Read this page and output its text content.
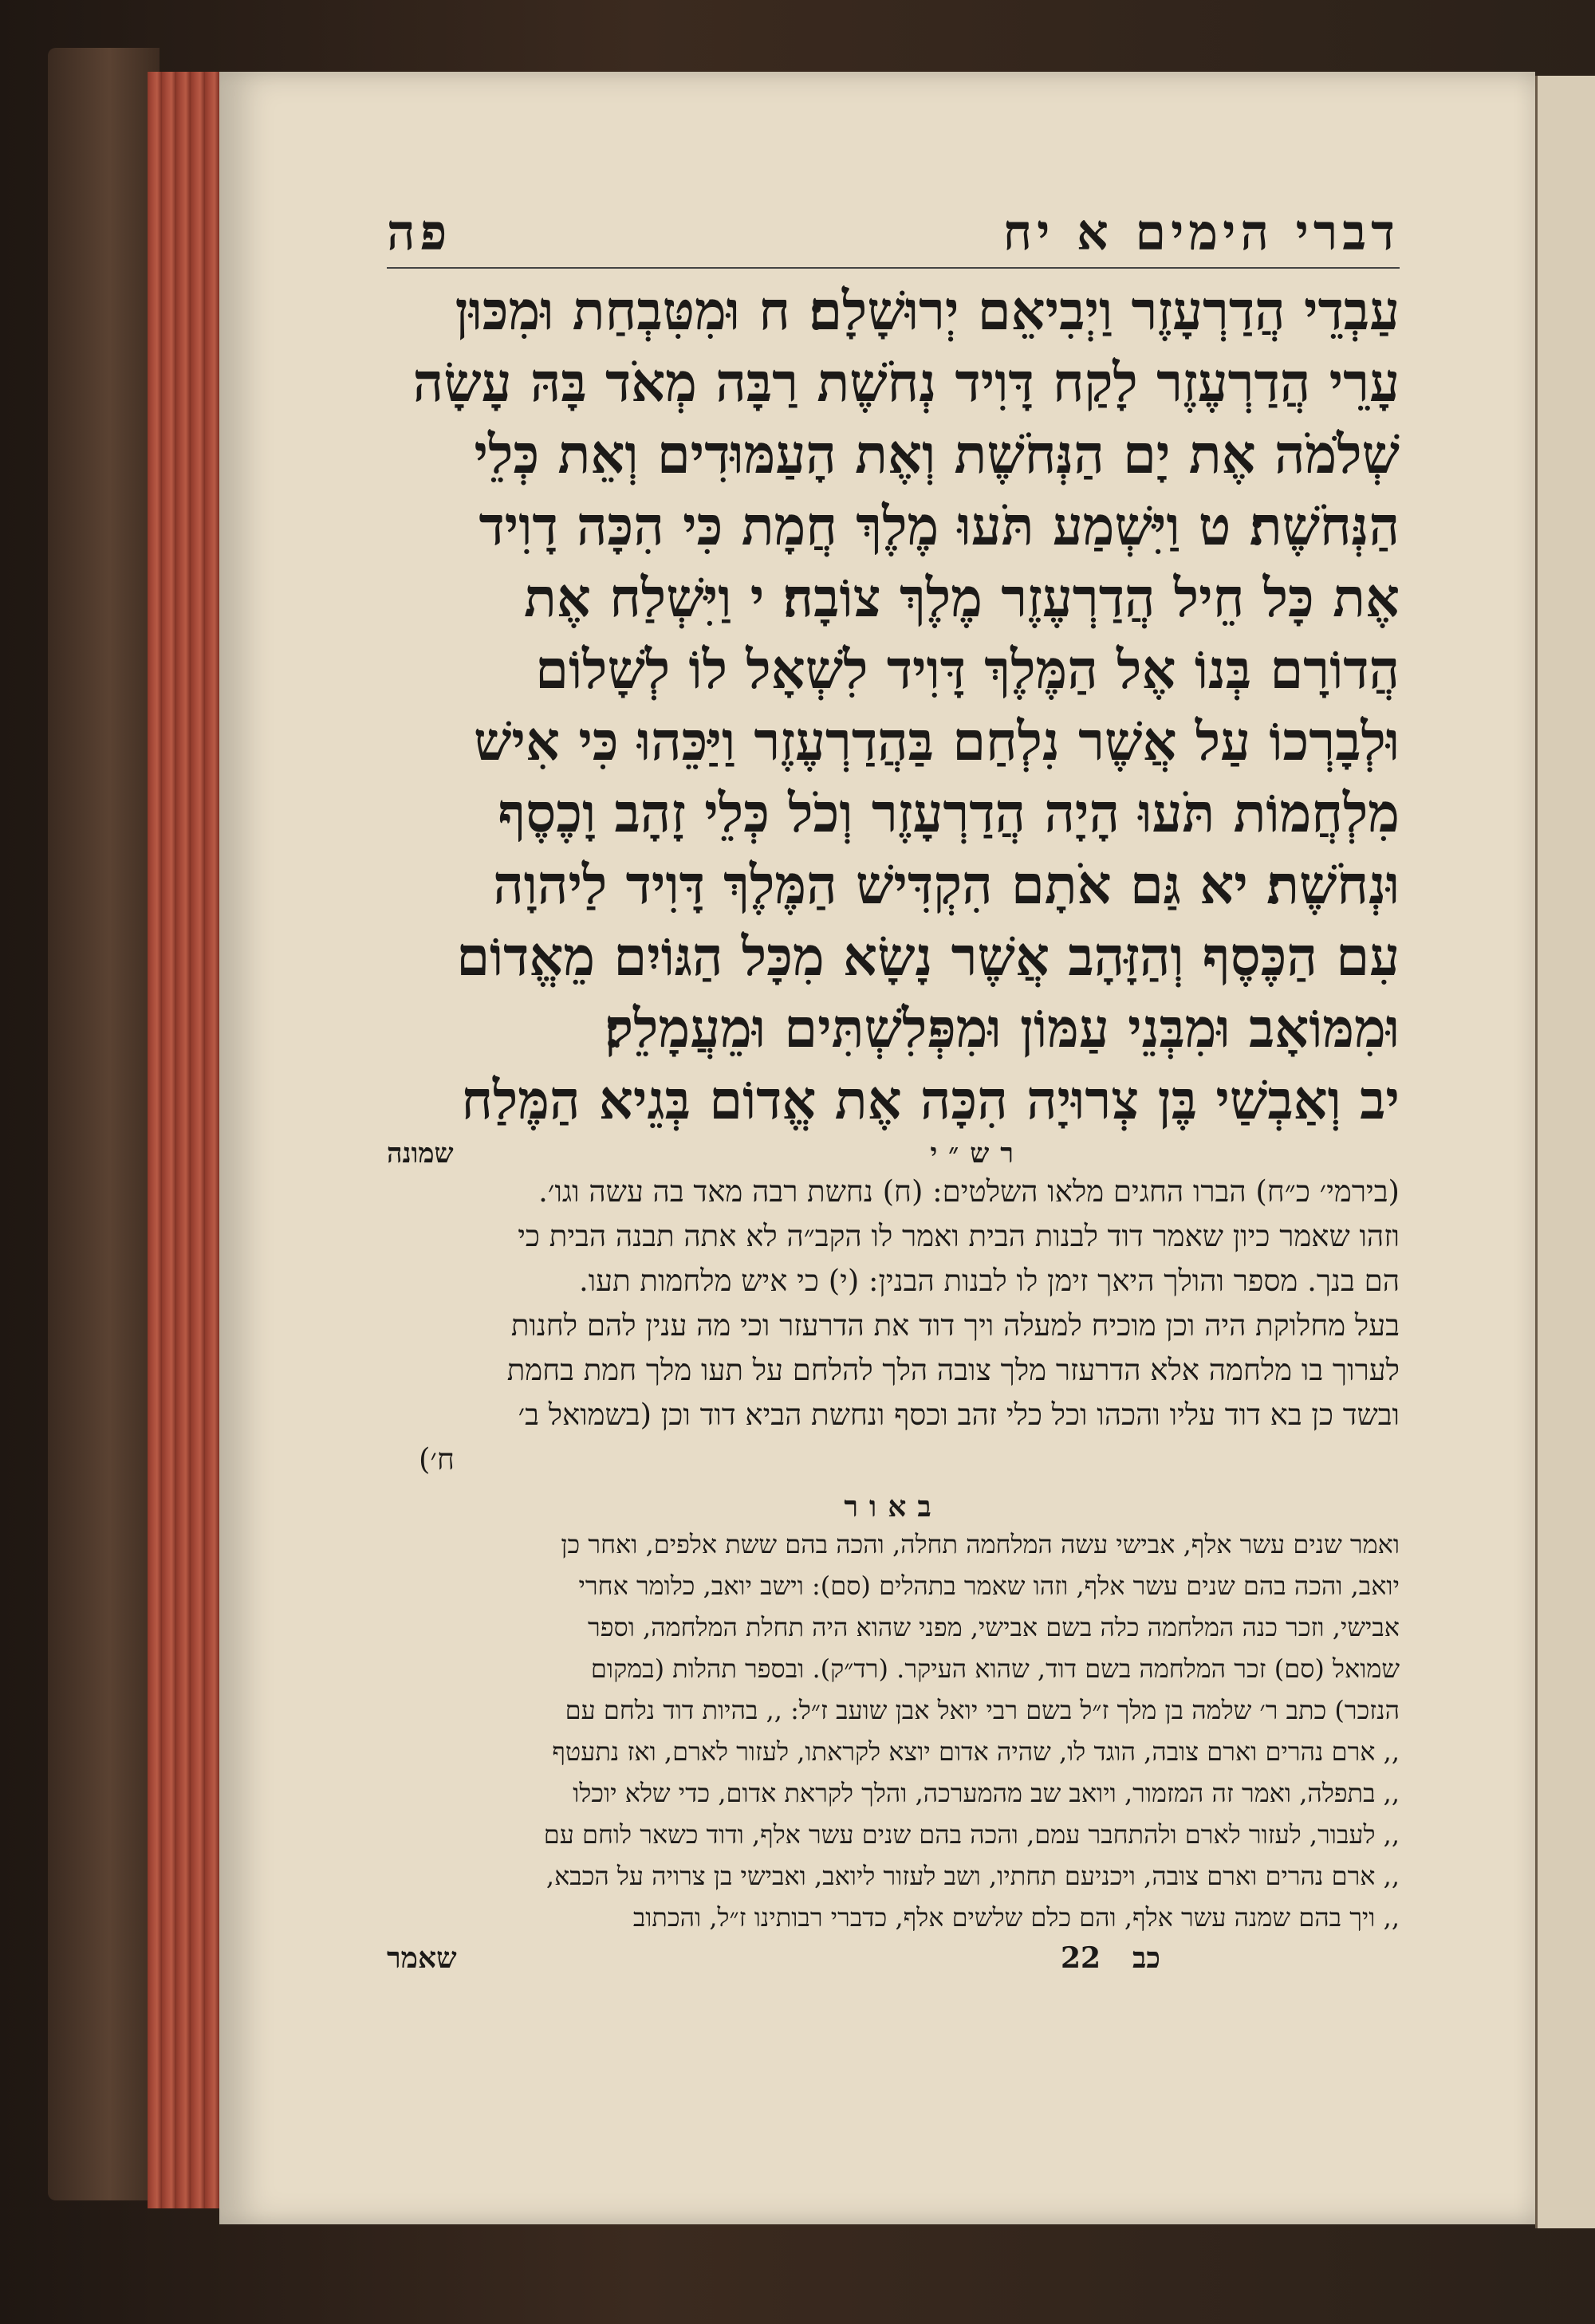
דברי הימים א יח
פה
עַבְדֵי הֲדַרְעָזֶר וַיְבִיאֵם יְרוּשָׁלָם׃ ח וּמִטִּבְחַת וּמִכּוּן
עָרֵי הֲדַרְעֶזֶר לָקַח דָּוִיד נְחֹשֶׁת רַבָּה מְאֹד בָּהּ עָשָׂה
שְׁלֹמֹה אֶת יָם הַנְּחֹשֶׁת וְאֶת הָעַמּוּדִים וְאֵת כְּלֵי
הַנְּחֹשֶׁת׃ ט וַיִּשְׁמַע תֹּעוּ מֶלֶךְ חֲמָת כִּי הִכָּה דָוִיד
אֶת כָּל חֵיל הֲדַרְעֶזֶר מֶלֶךְ צוֹבָה׃ י וַיִּשְׁלַח אֶת
הֲדוֹרָם בְּנוֹ אֶל הַמֶּלֶךְ דָּוִיד לִשְׁאָל לוֹ לְשָׁלוֹם
וּלְבָרְכוֹ עַל אֲשֶׁר נִלְחַם בַּהֲדַרְעֶזֶר וַיַּכֵּהוּ כִּי אִישׁ
מִלְחֲמוֹת תֹּעוּ הָיָה הֲדַרְעָזֶר וְכֹל כְּלֵי זָהָב וָכֶסֶף
וּנְחֹשֶׁת׃ יא גַּם אֹתָם הִקְדִּישׁ הַמֶּלֶךְ דָּוִיד לַיהוָה
עִם הַכֶּסֶף וְהַזָּהָב אֲשֶׁר נָשָׂא מִכָּל הַגּוֹיִם מֵאֱדוֹם
וּמִמּוֹאָב וּמִבְּנֵי עַמּוֹן וּמִפְּלִשְׁתִּים וּמֵעֲמָלֵק׃
יב וְאַבְשַׁי בֶּן צְרוּיָה הִכָּה אֶת אֱדוֹם בְּגֵיא הַמֶּלַח
רש״י
שמונה
(בירמי׳ כ״ח) הברו החגים מלאו השלטים: (ח) נחשת רבה מאד בה עשה וגו׳.
וזהו שאמר כיון שאמר דוד לבנות הבית ואמר לו הקב״ה לא אתה תבנה הבית כי
הם בנך. מספר והולך היאך זימן לו לבנות הבנין: (י) כי איש מלחמות תעו.
בעל מחלוקת היה וכן מוכיח למעלה ויך דוד את הדרעזר וכי מה ענין להם לחנות
לערוך בו מלחמה אלא הדרעזר מלך צובה הלך להלחם על תעו מלך חמת בחמת
ובשד כן בא דוד עליו והכהו וכל כלי זהב וכסף ונחשת הביא דוד וכן (בשמואל ב׳
ח׳)
באור
ואמר שנים עשר אלף, אבישי עשה המלחמה תחלה, והכה בהם ששת אלפים, ואחר כן
יואב, והכה בהם שנים עשר אלף, וזהו שאמר בתהלים (סם): וישב יואב, כלומר אחרי
אבישי, וזכר כנה המלחמה כלה בשם אבישי, מפני שהוא היה תחלת המלחמה, וספר
שמואל (סם) זכר המלחמה בשם דוד, שהוא העיקר. (רד״ק). ובספר תהלות (במקום
הנזכר) כתב ר׳ שלמה בן מלך ז״ל בשם רבי יואל אבן שועב ז״ל: ,, בהיות דוד נלחם עם
,, ארם נהרים וארם צובה, הוגד לו, שהיה אדום יוצא לקראתו, לעזור לארם, ואז נתעטף
,, בתפלה, ואמר זה המזמור, ויואב שב מהמערכה, והלך לקראת אדום, כדי שלא יוכלו
,, לעבור, לעזור לארם ולהתחבר עמם, והכה בהם שנים עשר אלף, ודוד כשאר לוחם עם
,, ארם נהרים וארם צובה, ויכניעם תחתיו, ושב לעזור ליואב, ואבישי בן צרויה על הכבא,
,, ויך בהם שמנה עשר אלף, והם כלם שלשים אלף, כדברי רבותינו ז״ל, והכתוב
כב
22
שאמר
